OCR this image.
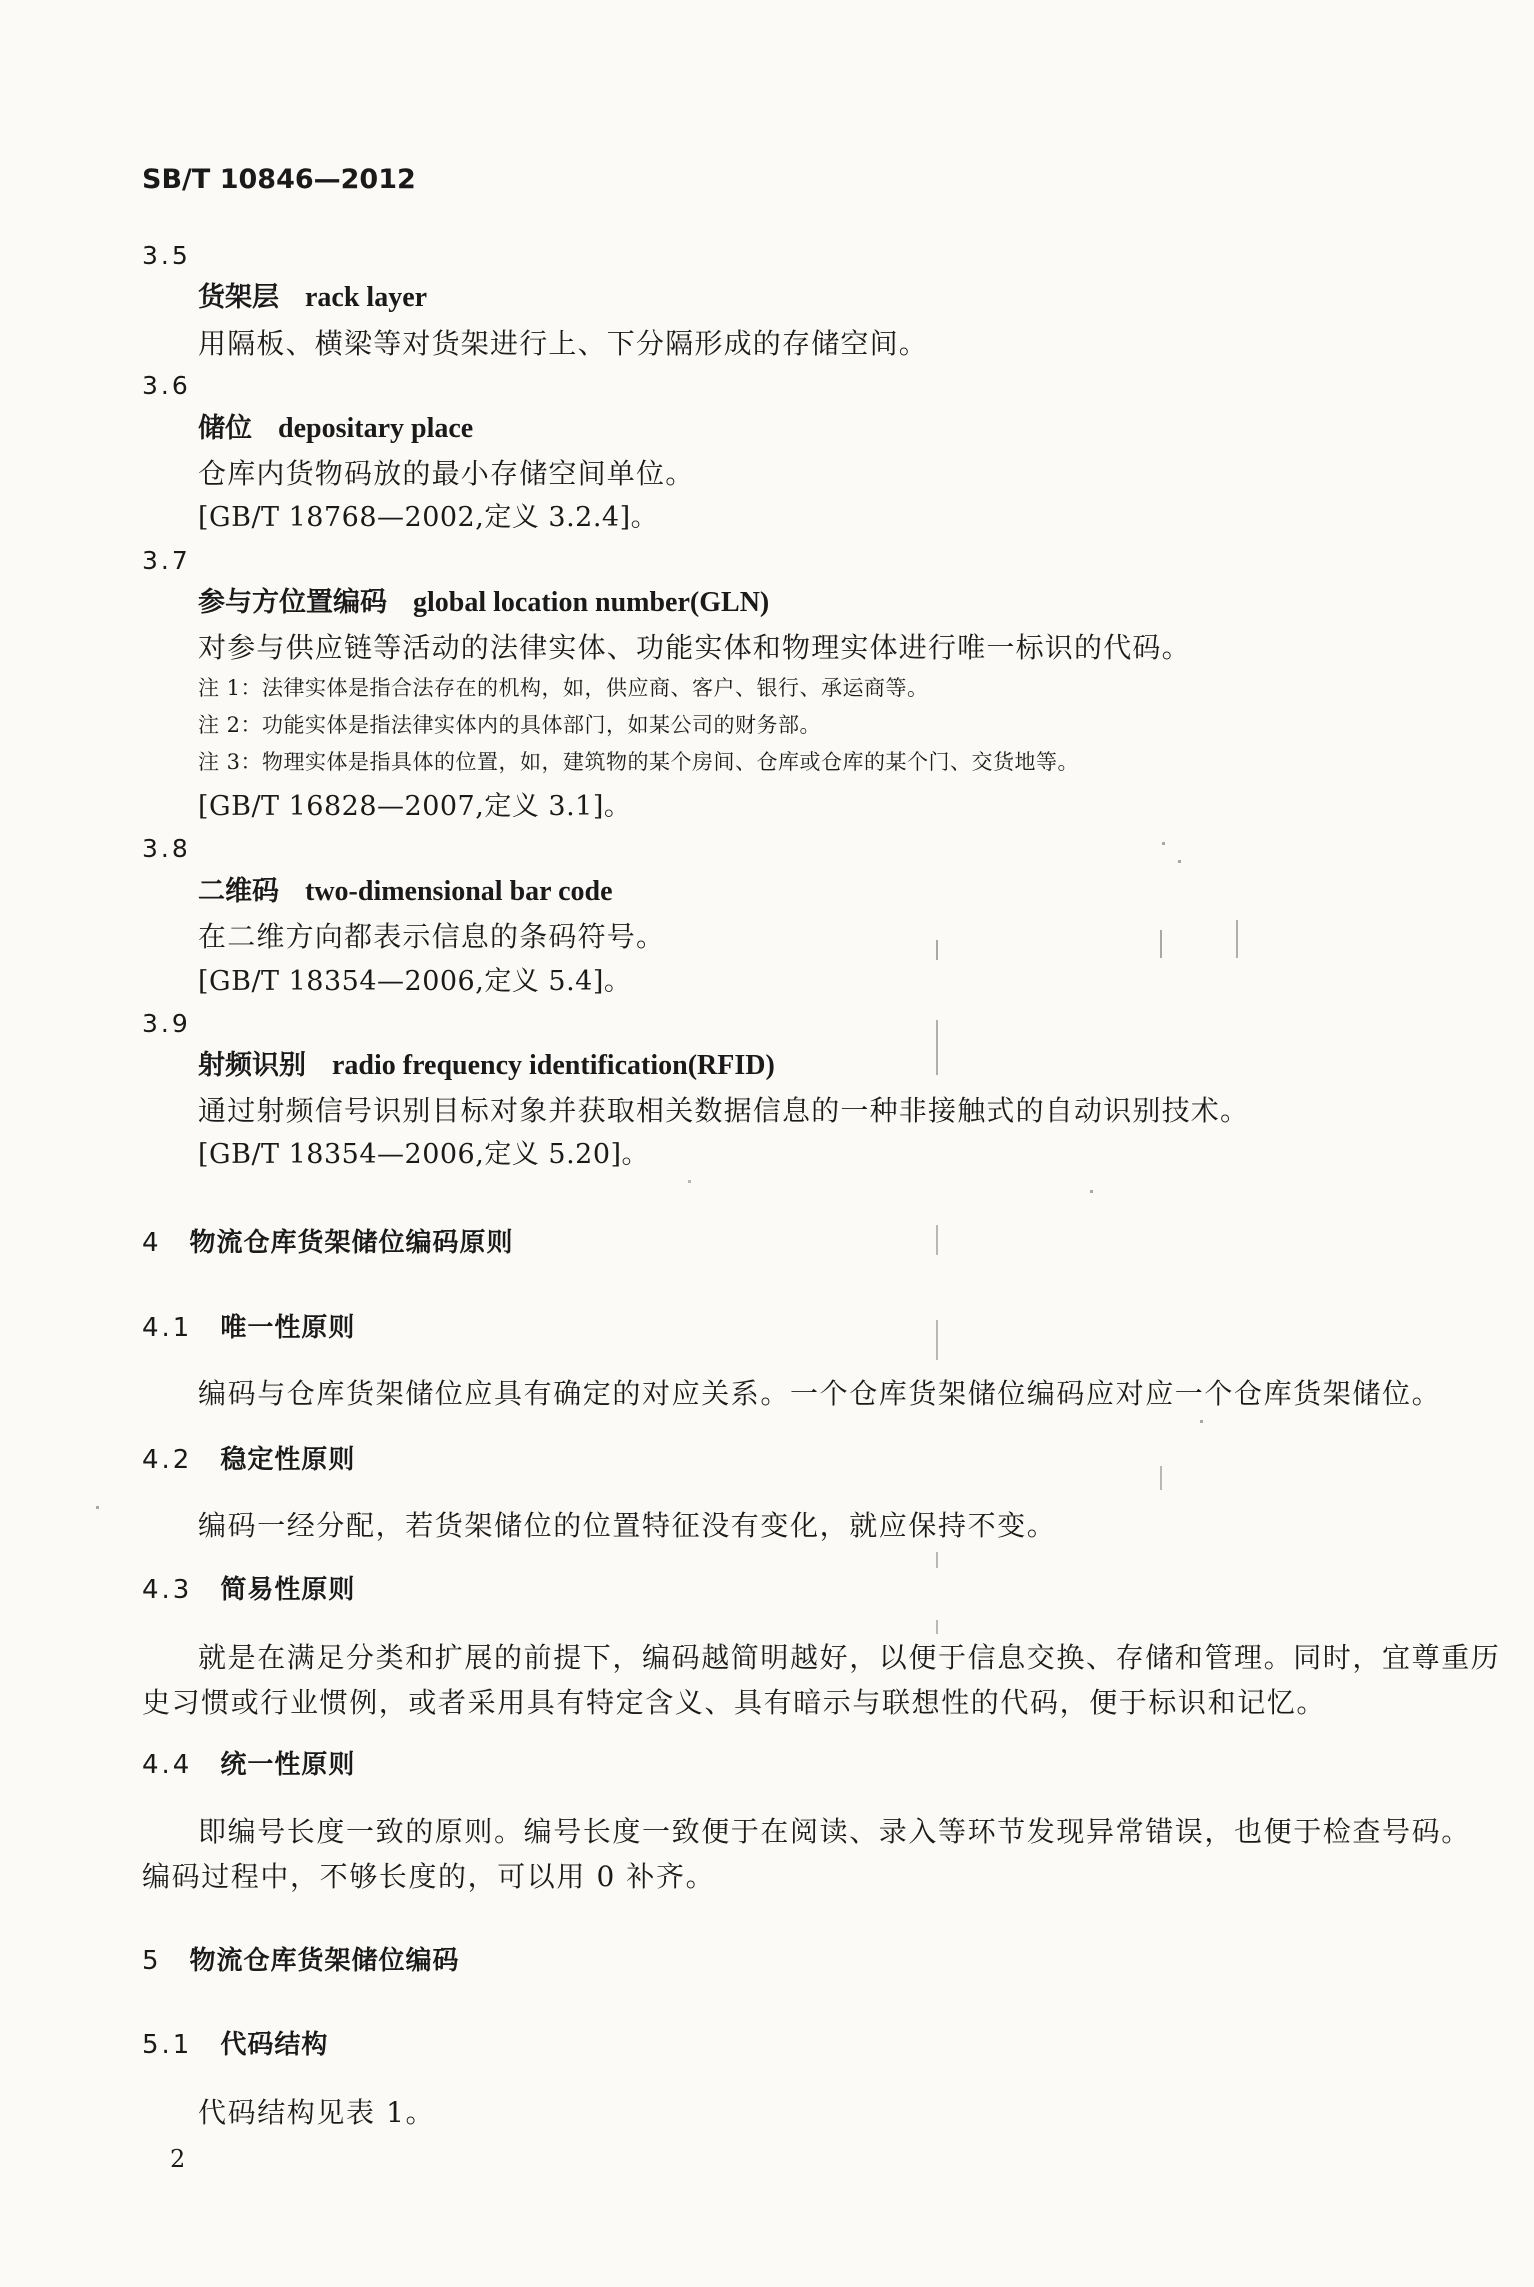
SB/T 10846—2012
3.5
货架层 rack layer
用隔板、横梁等对货架进行上、下分隔形成的存储空间。
3.6
储位 depositary place
仓库内货物码放的最小存储空间单位。
[GB/T 18768—2002,定义 3.2.4]。
3.7
参与方位置编码 global location number(GLN)
对参与供应链等活动的法律实体、功能实体和物理实体进行唯一标识的代码。
注 1：法律实体是指合法存在的机构，如，供应商、客户、银行、承运商等。
注 2：功能实体是指法律实体内的具体部门，如某公司的财务部。
注 3：物理实体是指具体的位置，如，建筑物的某个房间、仓库或仓库的某个门、交货地等。
[GB/T 16828—2007,定义 3.1]。
3.8
二维码 two-dimensional bar code
在二维方向都表示信息的条码符号。
[GB/T 18354—2006,定义 5.4]。
3.9
射频识别 radio frequency identification(RFID)
通过射频信号识别目标对象并获取相关数据信息的一种非接触式的自动识别技术。
[GB/T 18354—2006,定义 5.20]。
4 物流仓库货架储位编码原则
4.1 唯一性原则
编码与仓库货架储位应具有确定的对应关系。一个仓库货架储位编码应对应一个仓库货架储位。
4.2 稳定性原则
编码一经分配，若货架储位的位置特征没有变化，就应保持不变。
4.3 简易性原则
就是在满足分类和扩展的前提下，编码越简明越好，以便于信息交换、存储和管理。同时，宜尊重历
史习惯或行业惯例，或者采用具有特定含义、具有暗示与联想性的代码，便于标识和记忆。
4.4 统一性原则
即编号长度一致的原则。编号长度一致便于在阅读、录入等环节发现异常错误，也便于检查号码。
编码过程中，不够长度的，可以用 0 补齐。
5 物流仓库货架储位编码
5.1 代码结构
代码结构见表 1。
2
